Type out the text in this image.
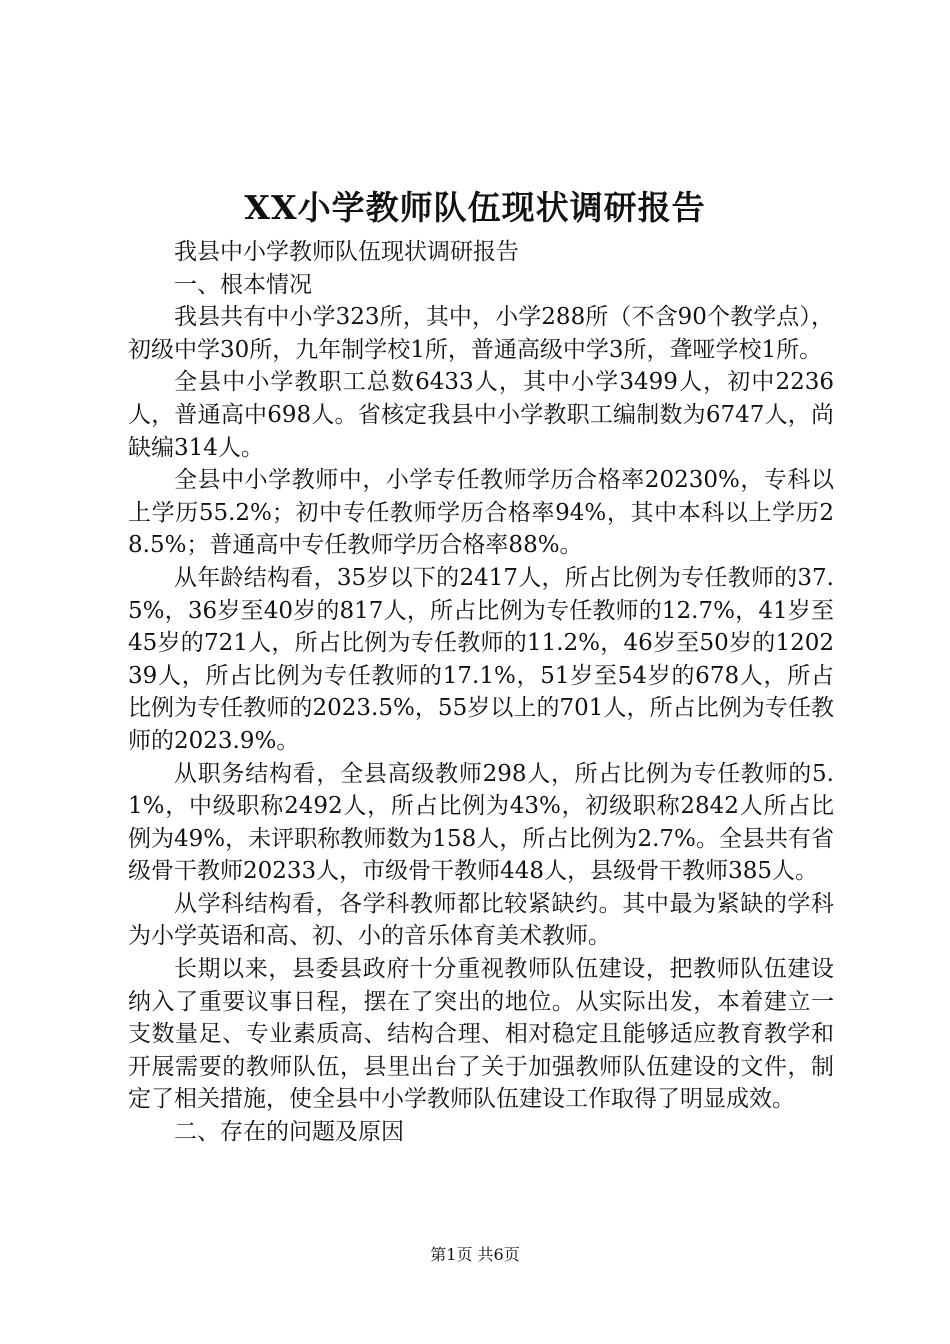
XX小学教师队伍现状调研报告

我县中小学教师队伍现状调研报告

一、根本情况

我县共有中小学323所，其中，小学288所（不含90个教学点），初级中学30所，九年制学校1所，普通高级中学3所，聋哑学校1所。

全县中小学教职工总数6433人，其中小学3499人，初中2236人，普通高中698人。省核定我县中小学教职工编制数为6747人，尚缺编314人。

全县中小学教师中，小学专任教师学历合格率20230%，专科以上学历55.2%；初中专任教师学历合格率94%，其中本科以上学历28.5%；普通高中专任教师学历合格率88%。

从年龄结构看，35岁以下的2417人，所占比例为专任教师的37.5%，36岁至40岁的817人，所占比例为专任教师的12.7%，41岁至45岁的721人，所占比例为专任教师的11.2%，46岁至50岁的120239人，所占比例为专任教师的17.1%，51岁至54岁的678人，所占比例为专任教师的2023.5%，55岁以上的701人，所占比例为专任教师的2023.9%。

从职务结构看，全县高级教师298人，所占比例为专任教师的5.1%，中级职称2492人，所占比例为43%，初级职称2842人所占比例为49%，未评职称教师数为158人，所占比例为2.7%。全县共有省级骨干教师20233人，市级骨干教师448人，县级骨干教师385人。

从学科结构看，各学科教师都比较紧缺约。其中最为紧缺的学科为小学英语和高、初、小的音乐体育美术教师。

长期以来，县委县政府十分重视教师队伍建设，把教师队伍建设纳入了重要议事日程，摆在了突出的地位。从实际出发，本着建立一支数量足、专业素质高、结构合理、相对稳定且能够适应教育教学和开展需要的教师队伍，县里出台了关于加强教师队伍建设的文件，制定了相关措施，使全县中小学教师队伍建设工作取得了明显成效。

二、存在的问题及原因

第1页 共6页
